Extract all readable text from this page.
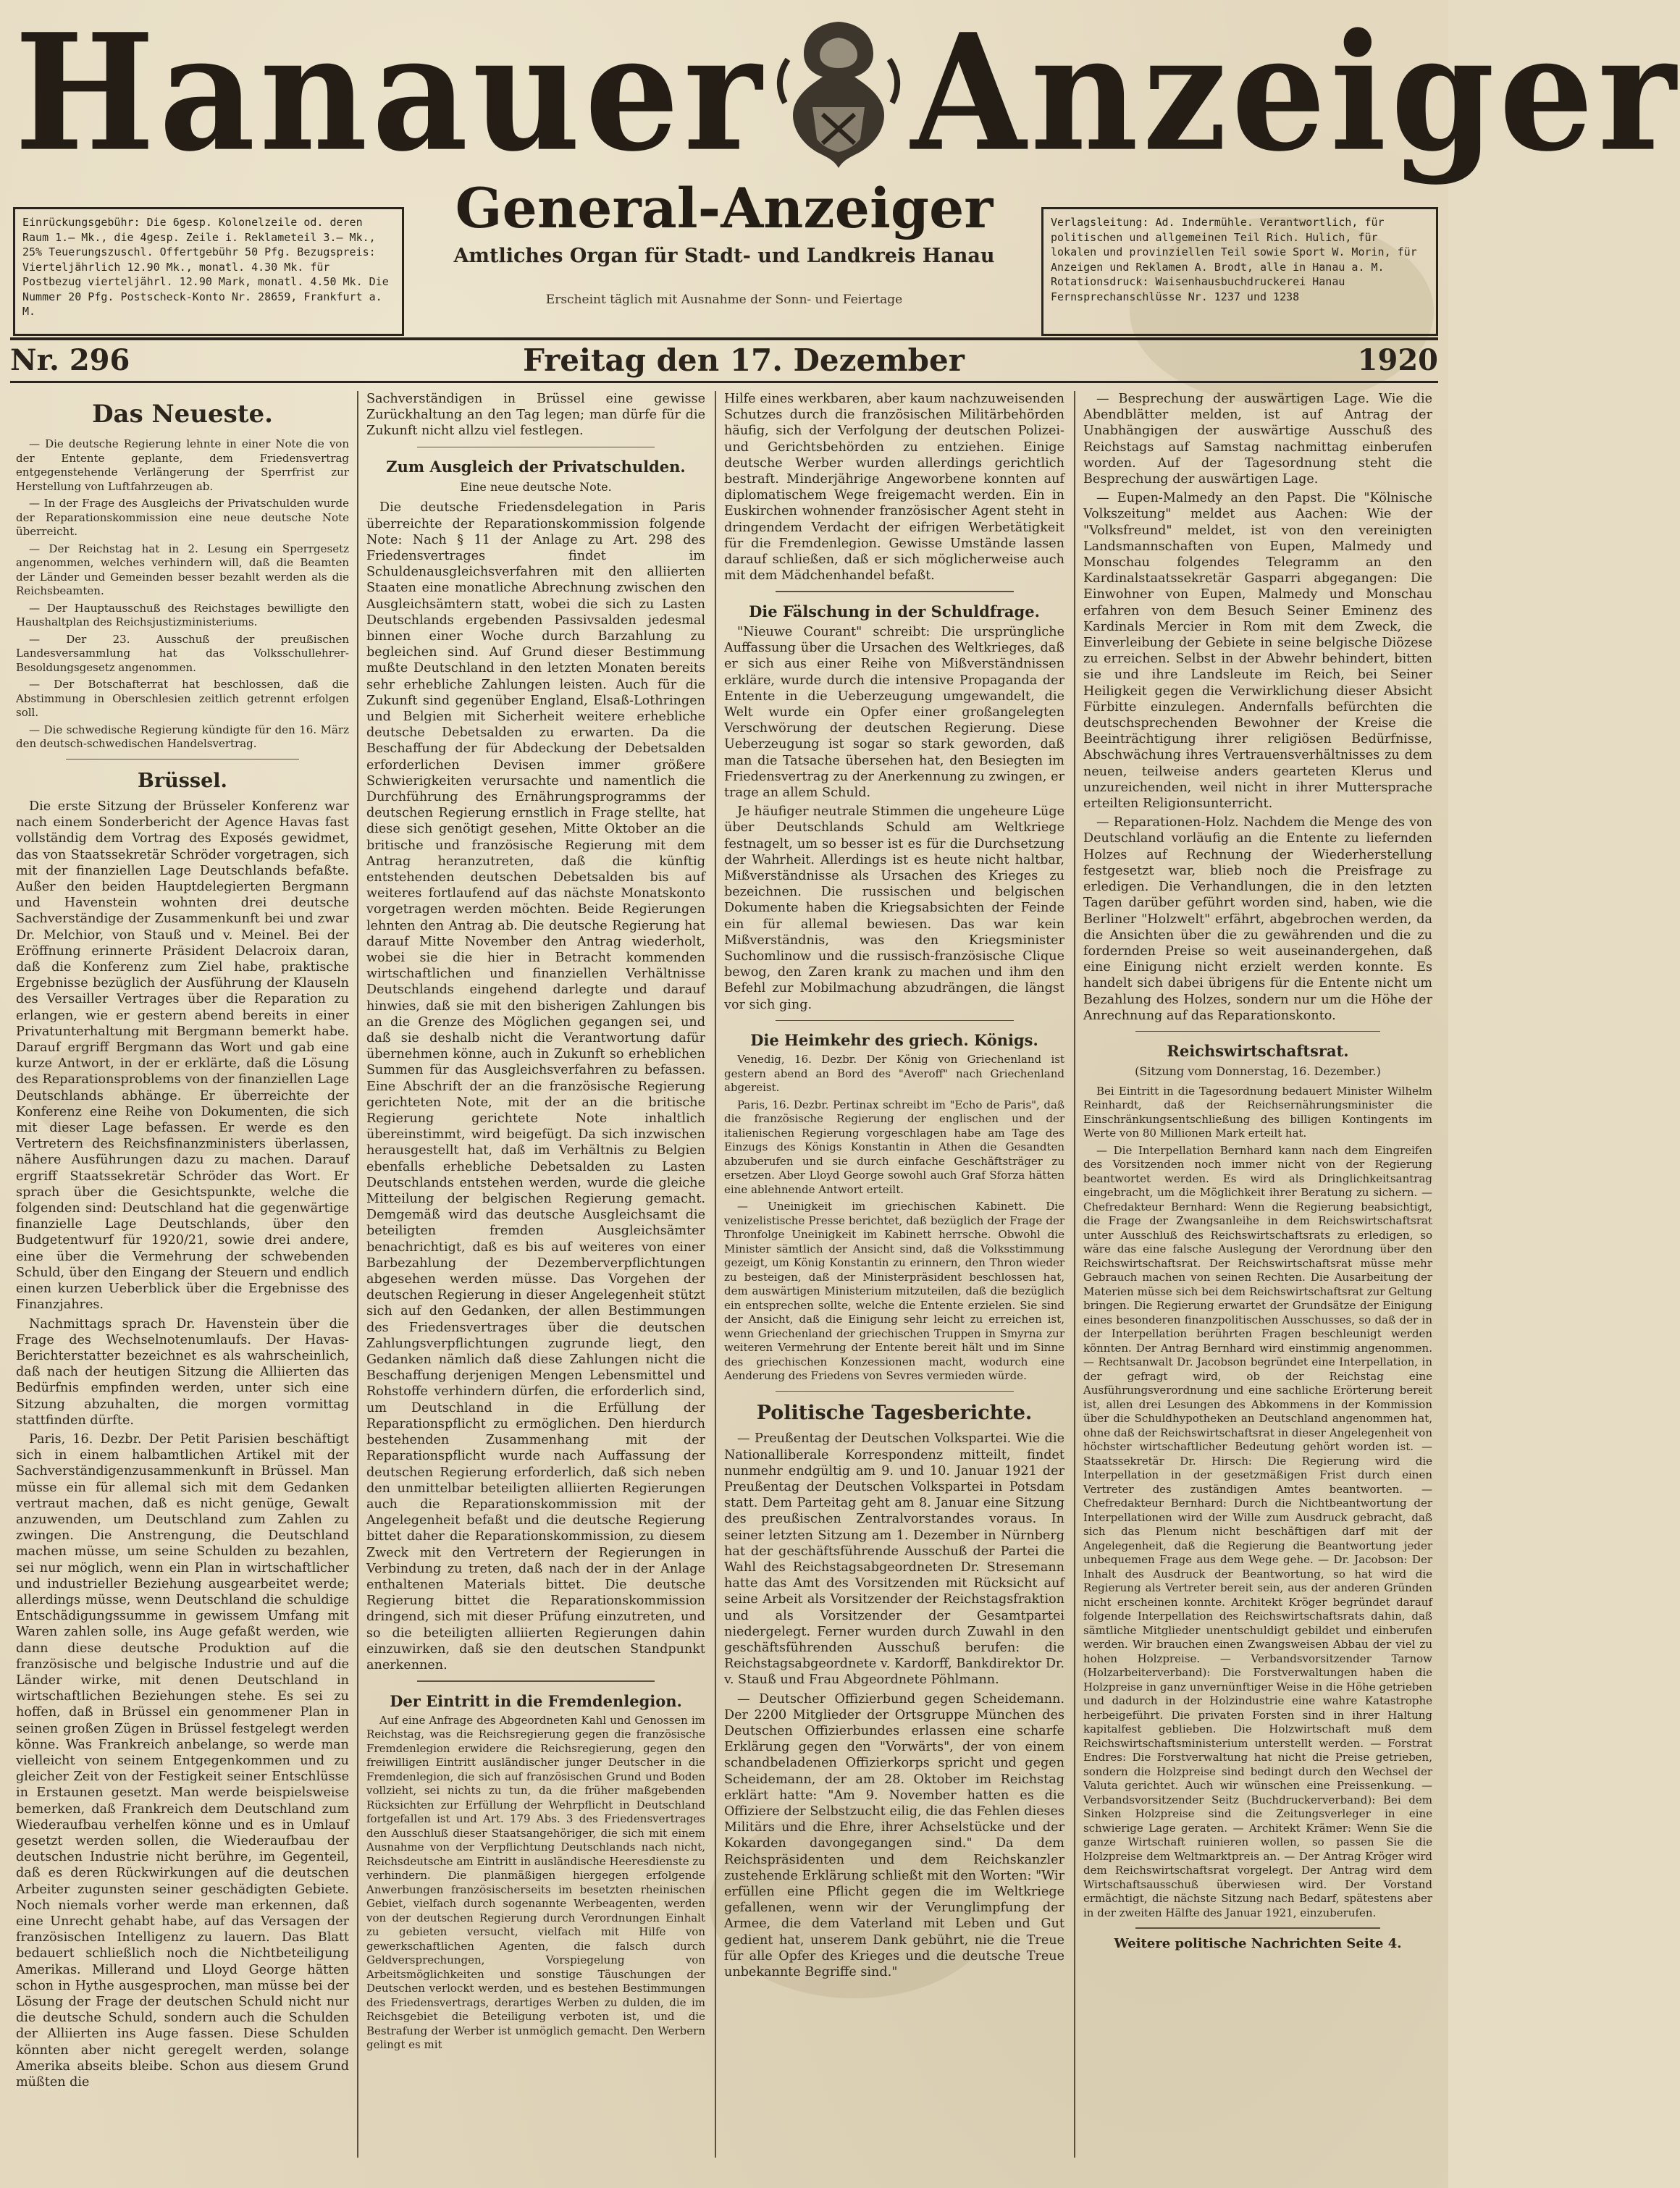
Hanauer Anzeiger
Einrückungsgebühr: Die 6gesp. Kolonelzeile od. deren Raum 1.— Mk., die 4gesp. Zeile i. Reklameteil 3.— Mk., 25% Teuerungszuschl. Offertgebühr 50 Pfg. Bezugspreis: Vierteljährlich 12.90 Mk., monatl. 4.30 Mk. für Postbezug vierteljährl. 12.90 Mark, monatl. 4.50 Mk. Die Nummer 20 Pfg. Postscheck-Konto Nr. 28659, Frankfurt a. M.
General-Anzeiger
Amtliches Organ für Stadt- und Landkreis Hanau
Erscheint täglich mit Ausnahme der Sonn- und Feiertage
Verlagsleitung: Ad. Indermühle. Verantwortlich, für politischen und allgemeinen Teil Rich. Hulich, für lokalen und provinziellen Teil sowie Sport W. Morin, für Anzeigen und Reklamen A. Brodt, alle in Hanau a. M. Rotationsdruck: Waisenhausbuchdruckerei Hanau Fernsprechanschlüsse Nr. 1237 und 1238
Nr. 296	Freitag den 17. Dezember	1920
Das Neueste.

— Die deutsche Regierung lehnte in einer Note die von der Entente geplante, dem Friedensvertrag entgegenstehende Verlängerung der Sperrfrist zur Herstellung von Luftfahrzeugen ab.

— In der Frage des Ausgleichs der Privatschulden wurde der Reparationskommission eine neue deutsche Note überreicht.

— Der Reichstag hat in 2. Lesung ein Sperrgesetz angenommen, welches verhindern will, daß die Beamten der Länder und Gemeinden besser bezahlt werden als die Reichsbeamten.

— Der Hauptausschuß des Reichstages bewilligte den Haushaltplan des Reichsjustizministeriums.

— Der 23. Ausschuß der preußischen Landesversammlung hat das Volksschullehrer-Besoldungsgesetz angenommen.

— Der Botschafterrat hat beschlossen, daß die Abstimmung in Oberschlesien zeitlich getrennt erfolgen soll.

— Die schwedische Regierung kündigte für den 16. März den deutsch-schwedischen Handelsvertrag.

Brüssel.

Die erste Sitzung der Brüsseler Konferenz war nach einem Sonderbericht der Agence Havas fast vollständig dem Vortrag des Exposés gewidmet, das von Staatssekretär Schröder vorgetragen, sich mit der finanziellen Lage Deutschlands befaßte. Außer den beiden Hauptdelegierten Bergmann und Havenstein wohnten drei deutsche Sachverständige der Zusammenkunft bei und zwar Dr. Melchior, von Stauß und v. Meinel. Bei der Eröffnung erinnerte Präsident Delacroix daran, daß die Konferenz zum Ziel habe, praktische Ergebnisse bezüglich der Ausführung der Klauseln des Versailler Vertrages über die Reparation zu erlangen, wie er gestern abend bereits in einer Privatunterhaltung mit Bergmann bemerkt habe. Darauf ergriff Bergmann das Wort und gab eine kurze Antwort, in der er erklärte, daß die Lösung des Reparationsproblems von der finanziellen Lage Deutschlands abhänge. Er überreichte der Konferenz eine Reihe von Dokumenten, die sich mit dieser Lage befassen. Er werde es den Vertretern des Reichsfinanzministers überlassen, nähere Ausführungen dazu zu machen. Darauf ergriff Staatssekretär Schröder das Wort. Er sprach über die Gesichtspunkte, welche die folgenden sind: Deutschland hat die gegenwärtige finanzielle Lage Deutschlands, über den Budgetentwurf für 1920/21, sowie drei andere, eine über die Vermehrung der schwebenden Schuld, über den Eingang der Steuern und endlich einen kurzen Ueberblick über die Ergebnisse des Finanzjahres.

Nachmittags sprach Dr. Havenstein über die Frage des Wechselnotenumlaufs. Der Havas-Berichterstatter bezeichnet es als wahrscheinlich, daß nach der heutigen Sitzung die Alliierten das Bedürfnis empfinden werden, unter sich eine Sitzung abzuhalten, die morgen vormittag stattfinden dürfte.

Paris, 16. Dezbr. Der Petit Parisien beschäftigt sich in einem halbamtlichen Artikel mit der Sachverständigenzusammenkunft in Brüssel. Man müsse ein für allemal sich mit dem Gedanken vertraut machen, daß es nicht genüge, Gewalt anzuwenden, um Deutschland zum Zahlen zu zwingen. Die Anstrengung, die Deutschland machen müsse, um seine Schulden zu bezahlen, sei nur möglich, wenn ein Plan in wirtschaftlicher und industrieller Beziehung ausgearbeitet werde; allerdings müsse, wenn Deutschland die schuldige Entschädigungssumme in gewissem Umfang mit Waren zahlen solle, ins Auge gefaßt werden, wie dann diese deutsche Produktion auf die französische und belgische Industrie und auf die Länder wirke, mit denen Deutschland in wirtschaftlichen Beziehungen stehe. Es sei zu hoffen, daß in Brüssel ein genommener Plan in seinen großen Zügen in Brüssel festgelegt werden könne. Was Frankreich anbelange, so werde man vielleicht von seinem Entgegenkommen und zu gleicher Zeit von der Festigkeit seiner Entschlüsse in Erstaunen gesetzt. Man werde beispielsweise bemerken, daß Frankreich dem Deutschland zum Wiederaufbau verhelfen könne und es in Umlauf gesetzt werden sollen, die Wiederaufbau der deutschen Industrie nicht berühre, im Gegenteil, daß es deren Rückwirkungen auf die deutschen Arbeiter zugunsten seiner geschädigten Gebiete. Noch niemals vorher werde man erkennen, daß eine Unrecht gehabt habe, auf das Versagen der französischen Intelligenz zu lauern. Das Blatt bedauert schließlich noch die Nichtbeteiligung Amerikas. Millerand und Lloyd George hätten schon in Hythe ausgesprochen, man müsse bei der Lösung der Frage der deutschen Schuld nicht nur die deutsche Schuld, sondern auch die Schulden der Alliierten ins Auge fassen. Diese Schulden könnten aber nicht geregelt werden, solange Amerika abseits bleibe. Schon aus diesem Grund müßten die

Sachverständigen in Brüssel eine gewisse Zurückhaltung an den Tag legen; man dürfe für die Zukunft nicht allzu viel festlegen.

Zum Ausgleich der Privatschulden.
Eine neue deutsche Note.

Die deutsche Friedensdelegation in Paris überreichte der Reparationskommission folgende Note: Nach § 11 der Anlage zu Art. 298 des Friedensvertrages findet im Schuldenausgleichsverfahren mit den alliierten Staaten eine monatliche Abrechnung zwischen den Ausgleichsämtern statt, wobei die sich zu Lasten Deutschlands ergebenden Passivsalden jedesmal binnen einer Woche durch Barzahlung zu begleichen sind. Auf Grund dieser Bestimmung mußte Deutschland in den letzten Monaten bereits sehr erhebliche Zahlungen leisten. Auch für die Zukunft sind gegenüber England, Elsaß-Lothringen und Belgien mit Sicherheit weitere erhebliche deutsche Debetsalden zu erwarten. Da die Beschaffung der für Abdeckung der Debetsalden erforderlichen Devisen immer größere Schwierigkeiten verursachte und namentlich die Durchführung des Ernährungsprogramms der deutschen Regierung ernstlich in Frage stellte, hat diese sich genötigt gesehen, Mitte Oktober an die britische und französische Regierung mit dem Antrag heranzutreten, daß die künftig entstehenden deutschen Debetsalden bis auf weiteres fortlaufend auf das nächste Monatskonto vorgetragen werden möchten. Beide Regierungen lehnten den Antrag ab. Die deutsche Regierung hat darauf Mitte November den Antrag wiederholt, wobei sie die hier in Betracht kommenden wirtschaftlichen und finanziellen Verhältnisse Deutschlands eingehend darlegte und darauf hinwies, daß sie mit den bisherigen Zahlungen bis an die Grenze des Möglichen gegangen sei, und daß sie deshalb nicht die Verantwortung dafür übernehmen könne, auch in Zukunft so erheblichen Summen für das Ausgleichsverfahren zu befassen. Eine Abschrift der an die französische Regierung gerichteten Note, mit der an die britische Regierung gerichtete Note inhaltlich übereinstimmt, wird beigefügt. Da sich inzwischen herausgestellt hat, daß im Verhältnis zu Belgien ebenfalls erhebliche Debetsalden zu Lasten Deutschlands entstehen werden, wurde die gleiche Mitteilung der belgischen Regierung gemacht. Demgemäß wird das deutsche Ausgleichsamt die beteiligten fremden Ausgleichsämter benachrichtigt, daß es bis auf weiteres von einer Barbezahlung der Dezemberverpflichtungen abgesehen werden müsse. Das Vorgehen der deutschen Regierung in dieser Angelegenheit stützt sich auf den Gedanken, der allen Bestimmungen des Friedensvertrages über die deutschen Zahlungsverpflichtungen zugrunde liegt, den Gedanken nämlich daß diese Zahlungen nicht die Beschaffung derjenigen Mengen Lebensmittel und Rohstoffe verhindern dürfen, die erforderlich sind, um Deutschland in die Erfüllung der Reparationspflicht zu ermöglichen. Den hierdurch bestehenden Zusammenhang mit der Reparationspflicht wurde nach Auffassung der deutschen Regierung erforderlich, daß sich neben den unmittelbar beteiligten alliierten Regierungen auch die Reparationskommission mit der Angelegenheit befaßt und die deutsche Regierung bittet daher die Reparationskommission, zu diesem Zweck mit den Vertretern der Regierungen in Verbindung zu treten, daß nach der in der Anlage enthaltenen Materials bittet. Die deutsche Regierung bittet die Reparationskommission dringend, sich mit dieser Prüfung einzutreten, und so die beteiligten alliierten Regierungen dahin einzuwirken, daß sie den deutschen Standpunkt anerkennen.

Der Eintritt in die Fremdenlegion.

Auf eine Anfrage des Abgeordneten Kahl und Genossen im Reichstag, was die Reichsregierung gegen die französische Fremdenlegion erwidere die Reichsregierung, gegen den freiwilligen Eintritt ausländischer junger Deutscher in die Fremdenlegion, die sich auf französischen Grund und Boden vollzieht, sei nichts zu tun, da die früher maßgebenden Rücksichten zur Erfüllung der Wehrpflicht in Deutschland fortgefallen ist und Art. 179 Abs. 3 des Friedensvertrages den Ausschluß dieser Staatsangehöriger, die sich mit einem Ausnahme von der Verpflichtung Deutschlands nach nicht, Reichsdeutsche am Eintritt in ausländische Heeresdienste zu verhindern. Die planmäßigen hiergegen erfolgende Anwerbungen französischerseits im besetzten rheinischen Gebiet, vielfach durch sogenannte Werbeagenten, werden von der deutschen Regierung durch Verordnungen Einhalt zu gebieten versucht, vielfach mit Hilfe von gewerkschaftlichen Agenten, die falsch durch Geldversprechungen, Vorspiegelung von Arbeitsmöglichkeiten und sonstige Täuschungen der Deutschen verlockt werden, und es bestehen Bestimmungen des Friedensvertrags, derartiges Werben zu dulden, die im Reichsgebiet die Beteiligung verboten ist, und die Bestrafung der Werber ist unmöglich gemacht. Den Werbern gelingt es mit

Hilfe eines werkbaren, aber kaum nachzuweisenden Schutzes durch die französischen Militärbehörden häufig, sich der Verfolgung der deutschen Polizei- und Gerichtsbehörden zu entziehen. Einige deutsche Werber wurden allerdings gerichtlich bestraft. Minderjährige Angeworbene konnten auf diplomatischem Wege freigemacht werden. Ein in Euskirchen wohnender französischer Agent steht in dringendem Verdacht der eifrigen Werbetätigkeit für die Fremdenlegion. Gewisse Umstände lassen darauf schließen, daß er sich möglicherweise auch mit dem Mädchenhandel befaßt.

Die Fälschung in der Schuldfrage.

"Nieuwe Courant" schreibt: Die ursprüngliche Auffassung über die Ursachen des Weltkrieges, daß er sich aus einer Reihe von Mißverständnissen erkläre, wurde durch die intensive Propaganda der Entente in die Ueberzeugung umgewandelt, die Welt wurde ein Opfer einer großangelegten Verschwörung der deutschen Regierung. Diese Ueberzeugung ist sogar so stark geworden, daß man die Tatsache übersehen hat, den Besiegten im Friedensvertrag zu der Anerkennung zu zwingen, er trage an allem Schuld.

Je häufiger neutrale Stimmen die ungeheure Lüge über Deutschlands Schuld am Weltkriege festnagelt, um so besser ist es für die Durchsetzung der Wahrheit. Allerdings ist es heute nicht haltbar, Mißverständnisse als Ursachen des Krieges zu bezeichnen. Die russischen und belgischen Dokumente haben die Kriegsabsichten der Feinde ein für allemal bewiesen. Das war kein Mißverständnis, was den Kriegsminister Suchomlinow und die russisch-französische Clique bewog, den Zaren krank zu machen und ihm den Befehl zur Mobilmachung abzudrängen, die längst vor sich ging.

Die Heimkehr des griech. Königs.

Venedig, 16. Dezbr. Der König von Griechenland ist gestern abend an Bord des "Averoff" nach Griechenland abgereist.

Paris, 16. Dezbr. Pertinax schreibt im "Echo de Paris", daß die französische Regierung der englischen und der italienischen Regierung vorgeschlagen habe am Tage des Einzugs des Königs Konstantin in Athen die Gesandten abzuberufen und sie durch einfache Geschäftsträger zu ersetzen. Aber Lloyd George sowohl auch Graf Sforza hätten eine ablehnende Antwort erteilt.

— Uneinigkeit im griechischen Kabinett. Die venizelistische Presse berichtet, daß bezüglich der Frage der Thronfolge Uneinigkeit im Kabinett herrsche. Obwohl die Minister sämtlich der Ansicht sind, daß die Volksstimmung gezeigt, um König Konstantin zu erinnern, den Thron wieder zu besteigen, daß der Ministerpräsident beschlossen hat, dem auswärtigen Ministerium mitzuteilen, daß die bezüglich ein entsprechen sollte, welche die Entente erzielen. Sie sind der Ansicht, daß die Einigung sehr leicht zu erreichen ist, wenn Griechenland der griechischen Truppen in Smyrna zur weiteren Vermehrung der Entente bereit hält und im Sinne des griechischen Konzessionen macht, wodurch eine Aenderung des Friedens von Sevres vermieden würde.

Politische Tagesberichte.

— Preußentag der Deutschen Volkspartei. Wie die Nationalliberale Korrespondenz mitteilt, findet nunmehr endgültig am 9. und 10. Januar 1921 der Preußentag der Deutschen Volkspartei in Potsdam statt. Dem Parteitag geht am 8. Januar eine Sitzung des preußischen Zentralvorstandes voraus. In seiner letzten Sitzung am 1. Dezember in Nürnberg hat der geschäftsführende Ausschuß der Partei die Wahl des Reichstagsabgeordneten Dr. Stresemann hatte das Amt des Vorsitzenden mit Rücksicht auf seine Arbeit als Vorsitzender der Reichstagsfraktion und als Vorsitzender der Gesamtpartei niedergelegt. Ferner wurden durch Zuwahl in den geschäftsführenden Ausschuß berufen: die Reichstagsabgeordnete v. Kardorff, Bankdirektor Dr. v. Stauß und Frau Abgeordnete Pöhlmann.

— Deutscher Offizierbund gegen Scheidemann. Der 2200 Mitglieder der Ortsgruppe München des Deutschen Offizierbundes erlassen eine scharfe Erklärung gegen den "Vorwärts", der von einem schandbeladenen Offizierkorps spricht und gegen Scheidemann, der am 28. Oktober im Reichstag erklärt hatte: "Am 9. November hatten es die Offiziere der Selbstzucht eilig, die das Fehlen dieses Militärs und die Ehre, ihrer Achselstücke und der Kokarden davongegangen sind." Da dem Reichspräsidenten und dem Reichskanzler zustehende Erklärung schließt mit den Worten: "Wir erfüllen eine Pflicht gegen die im Weltkriege gefallenen, wenn wir der Verunglimpfung der Armee, die dem Vaterland mit Leben und Gut gedient hat, unserem Dank gebührt, nie die Treue für alle Opfer des Krieges und die deutsche Treue unbekannte Begriffe sind."

— Besprechung der auswärtigen Lage. Wie die Abendblätter melden, ist auf Antrag der Unabhängigen der auswärtige Ausschuß des Reichstags auf Samstag nachmittag einberufen worden. Auf der Tagesordnung steht die Besprechung der auswärtigen Lage.

— Eupen-Malmedy an den Papst. Die "Kölnische Volkszeitung" meldet aus Aachen: Wie der "Volksfreund" meldet, ist von den vereinigten Landsmannschaften von Eupen, Malmedy und Monschau folgendes Telegramm an den Kardinalstaatssekretär Gasparri abgegangen: Die Einwohner von Eupen, Malmedy und Monschau erfahren von dem Besuch Seiner Eminenz des Kardinals Mercier in Rom mit dem Zweck, die Einverleibung der Gebiete in seine belgische Diözese zu erreichen. Selbst in der Abwehr behindert, bitten sie und ihre Landsleute im Reich, bei Seiner Heiligkeit gegen die Verwirklichung dieser Absicht Fürbitte einzulegen. Andernfalls befürchten die deutschsprechenden Bewohner der Kreise die Beeinträchtigung ihrer religiösen Bedürfnisse, Abschwächung ihres Vertrauensverhältnisses zu dem neuen, teilweise anders gearteten Klerus und unzureichenden, weil nicht in ihrer Muttersprache erteilten Religionsunterricht.

— Reparationen-Holz. Nachdem die Menge des von Deutschland vorläufig an die Entente zu liefernden Holzes auf Rechnung der Wiederherstellung festgesetzt war, blieb noch die Preisfrage zu erledigen. Die Verhandlungen, die in den letzten Tagen darüber geführt worden sind, haben, wie die Berliner "Holzwelt" erfährt, abgebrochen werden, da die Ansichten über die zu gewährenden und die zu fordernden Preise so weit auseinandergehen, daß eine Einigung nicht erzielt werden konnte. Es handelt sich dabei übrigens für die Entente nicht um Bezahlung des Holzes, sondern nur um die Höhe der Anrechnung auf das Reparationskonto.

Reichswirtschaftsrat.
(Sitzung vom Donnerstag, 16. Dezember.)

Bei Eintritt in die Tagesordnung bedauert Minister Wilhelm Reinhardt, daß der Reichsernährungsminister die Einschränkungsentschließung des billigen Kontingents im Werte von 80 Millionen Mark erteilt hat.

— Die Interpellation Bernhard kann nach dem Eingreifen des Vorsitzenden noch immer nicht von der Regierung beantwortet werden. Es wird als Dringlichkeitsantrag eingebracht, um die Möglichkeit ihrer Beratung zu sichern. — Chefredakteur Bernhard: Wenn die Regierung beabsichtigt, die Frage der Zwangsanleihe in dem Reichswirtschaftsrat unter Ausschluß des Reichswirtschaftsrats zu erledigen, so wäre das eine falsche Auslegung der Verordnung über den Reichswirtschaftsrat. Der Reichswirtschaftsrat müsse mehr Gebrauch machen von seinen Rechten. Die Ausarbeitung der Materien müsse sich bei dem Reichswirtschaftsrat zur Geltung bringen. Die Regierung erwartet der Grundsätze der Einigung eines besonderen finanzpolitischen Ausschusses, so daß der in der Interpellation berührten Fragen beschleunigt werden könnten. Der Antrag Bernhard wird einstimmig angenommen. — Rechtsanwalt Dr. Jacobson begründet eine Interpellation, in der gefragt wird, ob der Reichstag eine Ausführungsverordnung und eine sachliche Erörterung bereit ist, allen drei Lesungen des Abkommens in der Kommission über die Schuldhypotheken an Deutschland angenommen hat, ohne daß der Reichswirtschaftsrat in dieser Angelegenheit von höchster wirtschaftlicher Bedeutung gehört worden ist. — Staatssekretär Dr. Hirsch: Die Regierung wird die Interpellation in der gesetzmäßigen Frist durch einen Vertreter des zuständigen Amtes beantworten. — Chefredakteur Bernhard: Durch die Nichtbeantwortung der Interpellationen wird der Wille zum Ausdruck gebracht, daß sich das Plenum nicht beschäftigen darf mit der Angelegenheit, daß die Regierung die Beantwortung jeder unbequemen Frage aus dem Wege gehe. — Dr. Jacobson: Der Inhalt des Ausdruck der Beantwortung, so hat wird die Regierung als Vertreter bereit sein, aus der anderen Gründen nicht erscheinen konnte. Architekt Kröger begründet darauf folgende Interpellation des Reichswirtschaftsrats dahin, daß sämtliche Mitglieder unentschuldigt gebildet und einberufen werden. Wir brauchen einen Zwangsweisen Abbau der viel zu hohen Holzpreise. — Verbandsvorsitzender Tarnow (Holzarbeiterverband): Die Forstverwaltungen haben die Holzpreise in ganz unvernünftiger Weise in die Höhe getrieben und dadurch in der Holzindustrie eine wahre Katastrophe herbeigeführt. Die privaten Forsten sind in ihrer Haltung kapitalfest geblieben. Die Holzwirtschaft muß dem Reichswirtschaftsministerium unterstellt werden. — Forstrat Endres: Die Forstverwaltung hat nicht die Preise getrieben, sondern die Holzpreise sind bedingt durch den Wechsel der Valuta gerichtet. Auch wir wünschen eine Preissenkung. — Verbandsvorsitzender Seitz (Buchdruckerverband): Bei dem Sinken Holzpreise sind die Zeitungsverleger in eine schwierige Lage geraten. — Architekt Krämer: Wenn Sie die ganze Wirtschaft ruinieren wollen, so passen Sie die Holzpreise dem Weltmarktpreis an. — Der Antrag Kröger wird dem Reichswirtschaftsrat vorgelegt. Der Antrag wird dem Wirtschaftsausschuß überwiesen wird. Der Vorstand ermächtigt, die nächste Sitzung nach Bedarf, spätestens aber in der zweiten Hälfte des Januar 1921, einzuberufen.

Weitere politische Nachrichten Seite 4.
